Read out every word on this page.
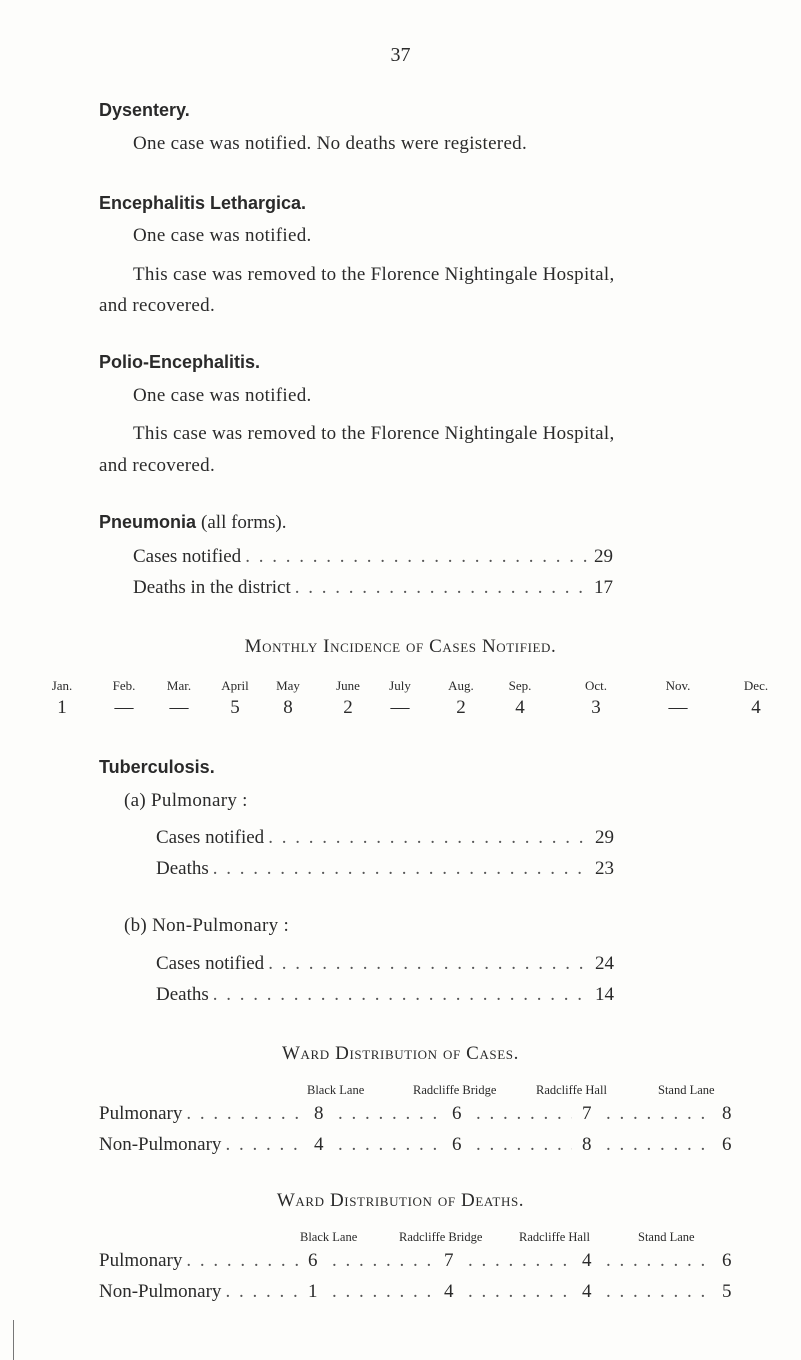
37
Dysentery.
One case was notified. No deaths were registered.
Encephalitis Lethargica.
One case was notified.
This case was removed to the Florence Nightingale Hospital,
and recovered.
Polio-Encephalitis.
One case was notified.
This case was removed to the Florence Nightingale Hospital,
and recovered.
Pneumonia (all forms).
Cases notified . . .	29
Deaths in the district . . .	17
Monthly Incidence of Cases Notified.
Jan.	Feb.	Mar.	April	May	June	July	Aug.	Sep.	Oct.	Nov.	Dec.
1	—	—	5	8	2	—	2	4	3	—	4
Tuberculosis.
(a) Pulmonary :
Cases notified . . .	29
Deaths . . .	23
(b) Non-Pulmonary :
Cases notified . . .	24
Deaths . . .	14
Ward Distribution of Cases.
Black Lane	Radcliffe Bridge	Radcliffe Hall	Stand Lane
Pulmonary . . .	8 . . .	6 . . .	7 . . .	8
Non-Pulmonary . . .	4 . . .	6 . . .	8 . . .	6
Ward Distribution of Deaths.
Black Lane	Radcliffe Bridge	Radcliffe Hall	Stand Lane
Pulmonary . . .	6 . . .	7 . . .	4 . . .	6
Non-Pulmonary . . .	1 . . .	4 . . .	4 . . .	5
